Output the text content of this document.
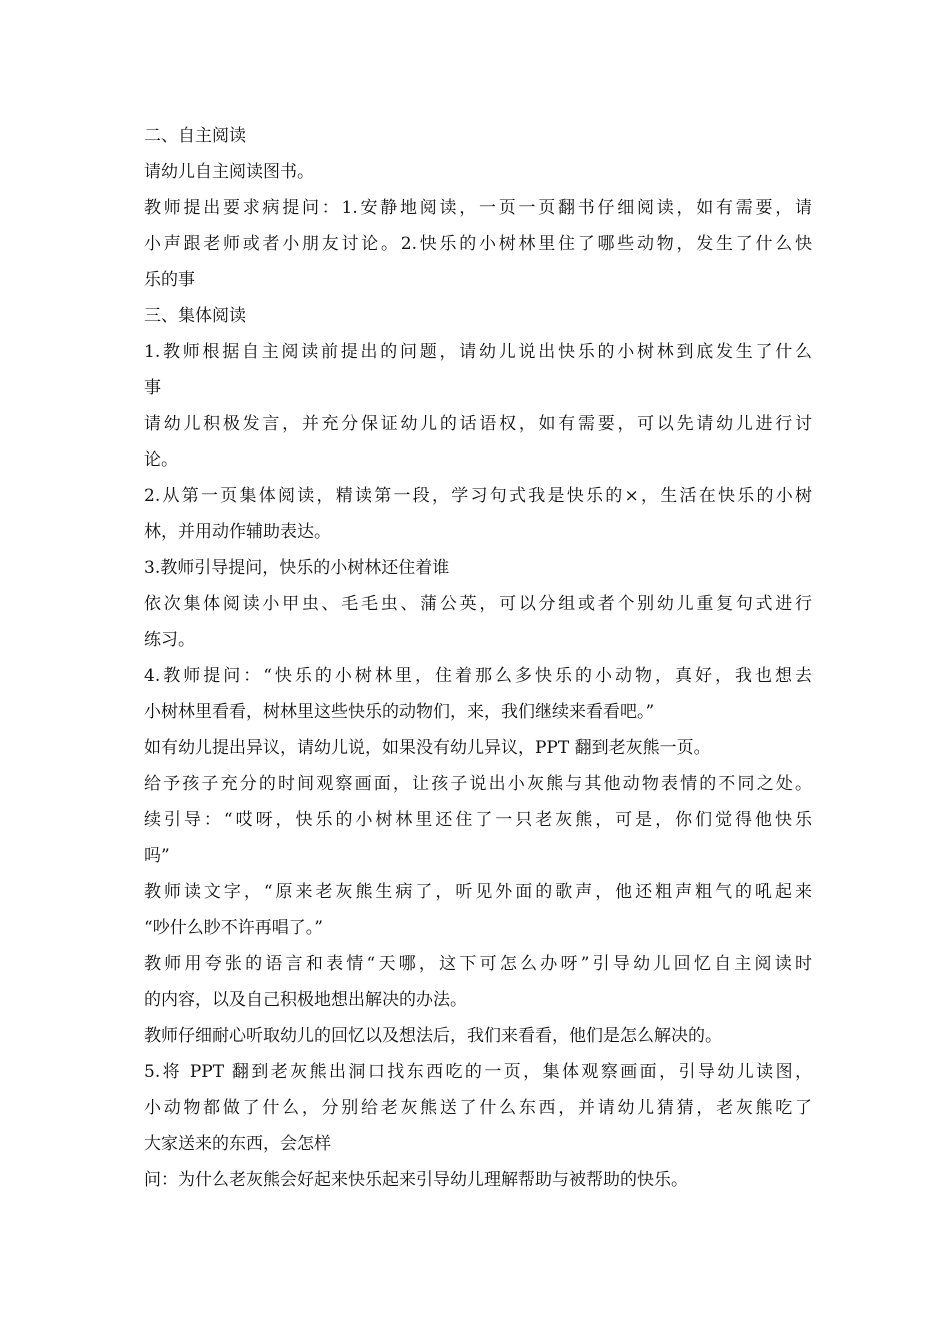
二、自主阅读
请幼儿自主阅读图书。
教师提出要求病提问：1.安静地阅读，一页一页翻书仔细阅读，如有需要，请
小声跟老师或者小朋友讨论。2.快乐的小树林里住了哪些动物，发生了什么快
乐的事
三、集体阅读
1.教师根据自主阅读前提出的问题，请幼儿说出快乐的小树林到底发生了什么
事
请幼儿积极发言，并充分保证幼儿的话语权，如有需要，可以先请幼儿进行讨
论。
2.从第一页集体阅读，精读第一段，学习句式我是快乐的×，生活在快乐的小树
林，并用动作辅助表达。
3.教师引导提问，快乐的小树林还住着谁
依次集体阅读小甲虫、毛毛虫、蒲公英，可以分组或者个别幼儿重复句式进行
练习。
4.教师提问：“快乐的小树林里，住着那么多快乐的小动物，真好，我也想去
小树林里看看，树林里这些快乐的动物们，来，我们继续来看看吧。”
如有幼儿提出异议，请幼儿说，如果没有幼儿异议，PPT 翻到老灰熊一页。
给予孩子充分的时间观察画面，让孩子说出小灰熊与其他动物表情的不同之处。
续引导：“哎呀，快乐的小树林里还住了一只老灰熊，可是，你们觉得他快乐
吗”
教师读文字，“原来老灰熊生病了，听见外面的歌声，他还粗声粗气的吼起来
“吵什么眇不许再唱了。”
教师用夸张的语言和表情“天哪，这下可怎么办呀”引导幼儿回忆自主阅读时
的内容，以及自己积极地想出解决的办法。
教师仔细耐心听取幼儿的回忆以及想法后，我们来看看，他们是怎么解决的。
5.将 PPT 翻到老灰熊出洞口找东西吃的一页，集体观察画面，引导幼儿读图，
小动物都做了什么，分别给老灰熊送了什么东西，并请幼儿猜猜，老灰熊吃了
大家送来的东西，会怎样
问：为什么老灰熊会好起来快乐起来引导幼儿理解帮助与被帮助的快乐。
